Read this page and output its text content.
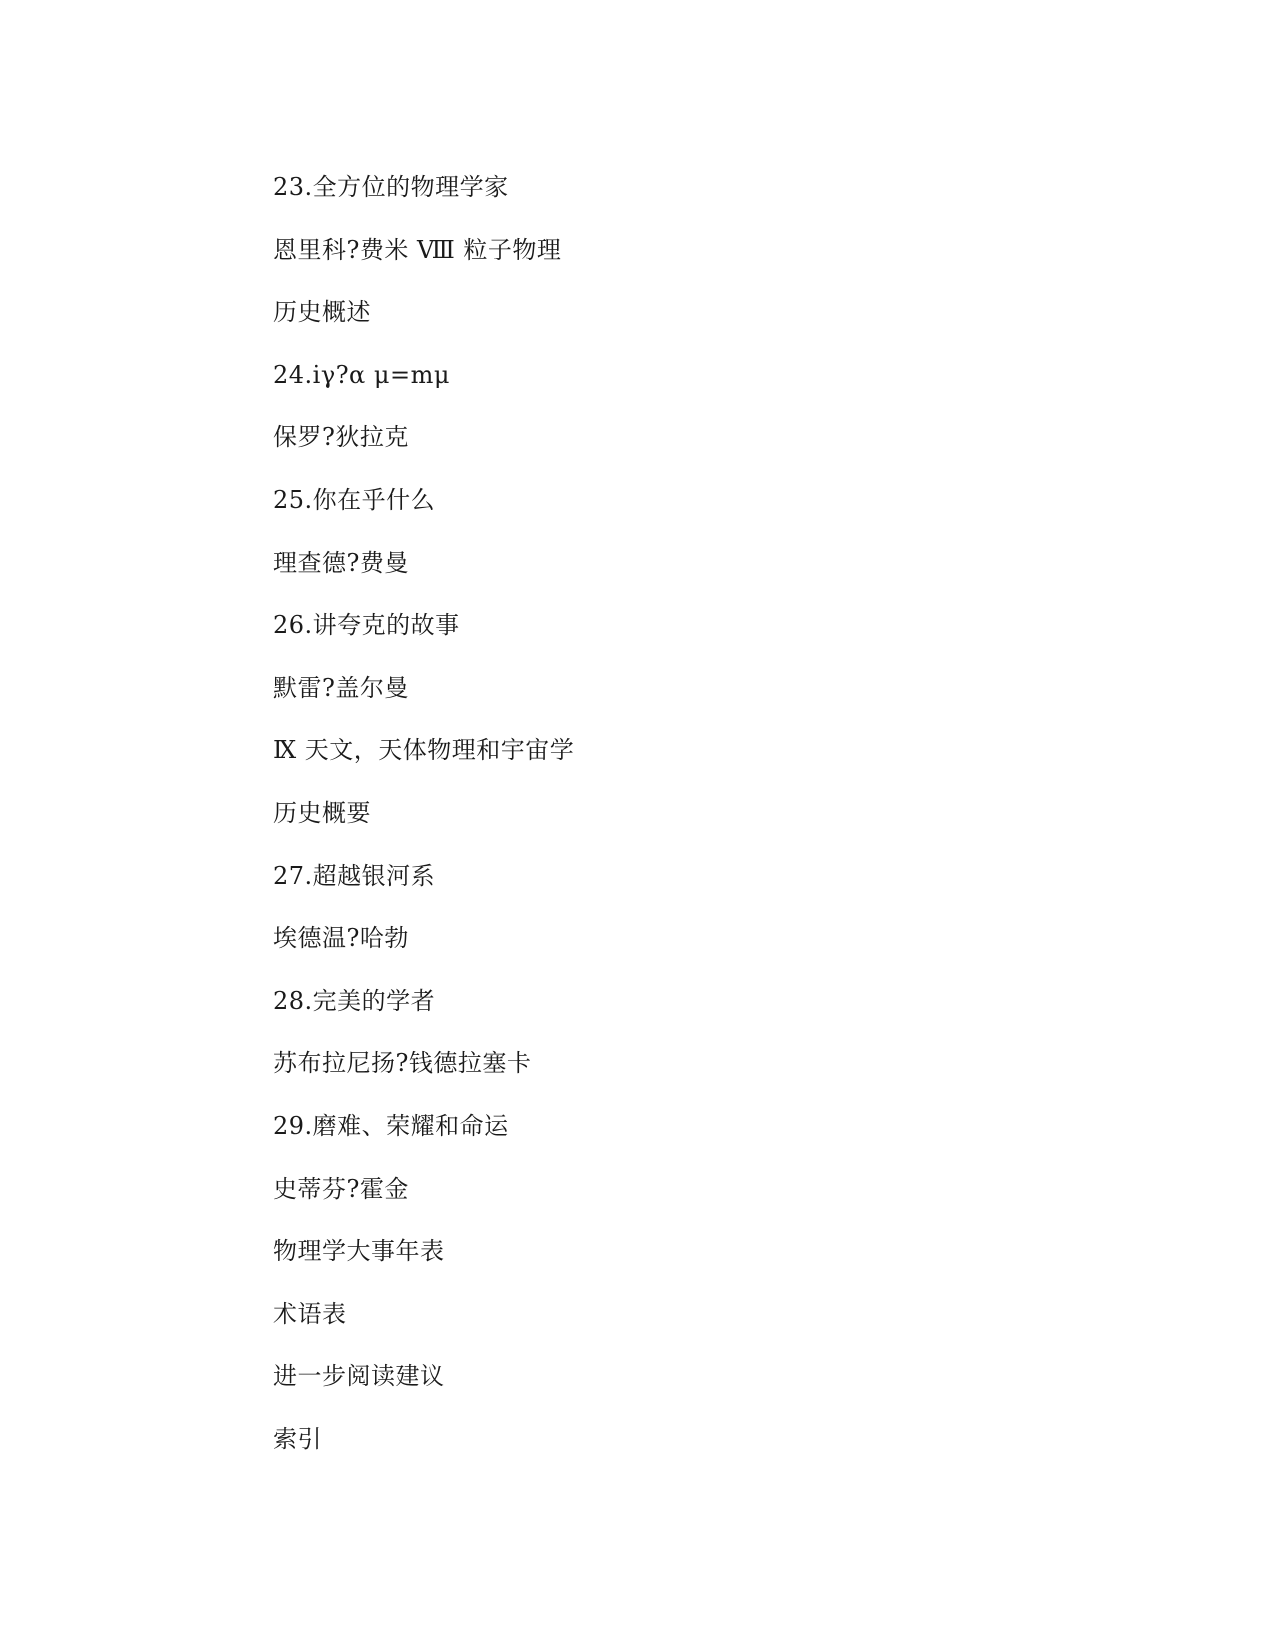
23.全方位的物理学家
恩里科?费米 Ⅷ 粒子物理
历史概述
24.iγ?α μ=mμ
保罗?狄拉克
25.你在乎什么
理查德?费曼
26.讲夸克的故事
默雷?盖尔曼
Ⅸ 天文，天体物理和宇宙学
历史概要
27.超越银河系
埃德温?哈勃
28.完美的学者
苏布拉尼扬?钱德拉塞卡
29.磨难、荣耀和命运
史蒂芬?霍金
物理学大事年表
术语表
进一步阅读建议
索引
